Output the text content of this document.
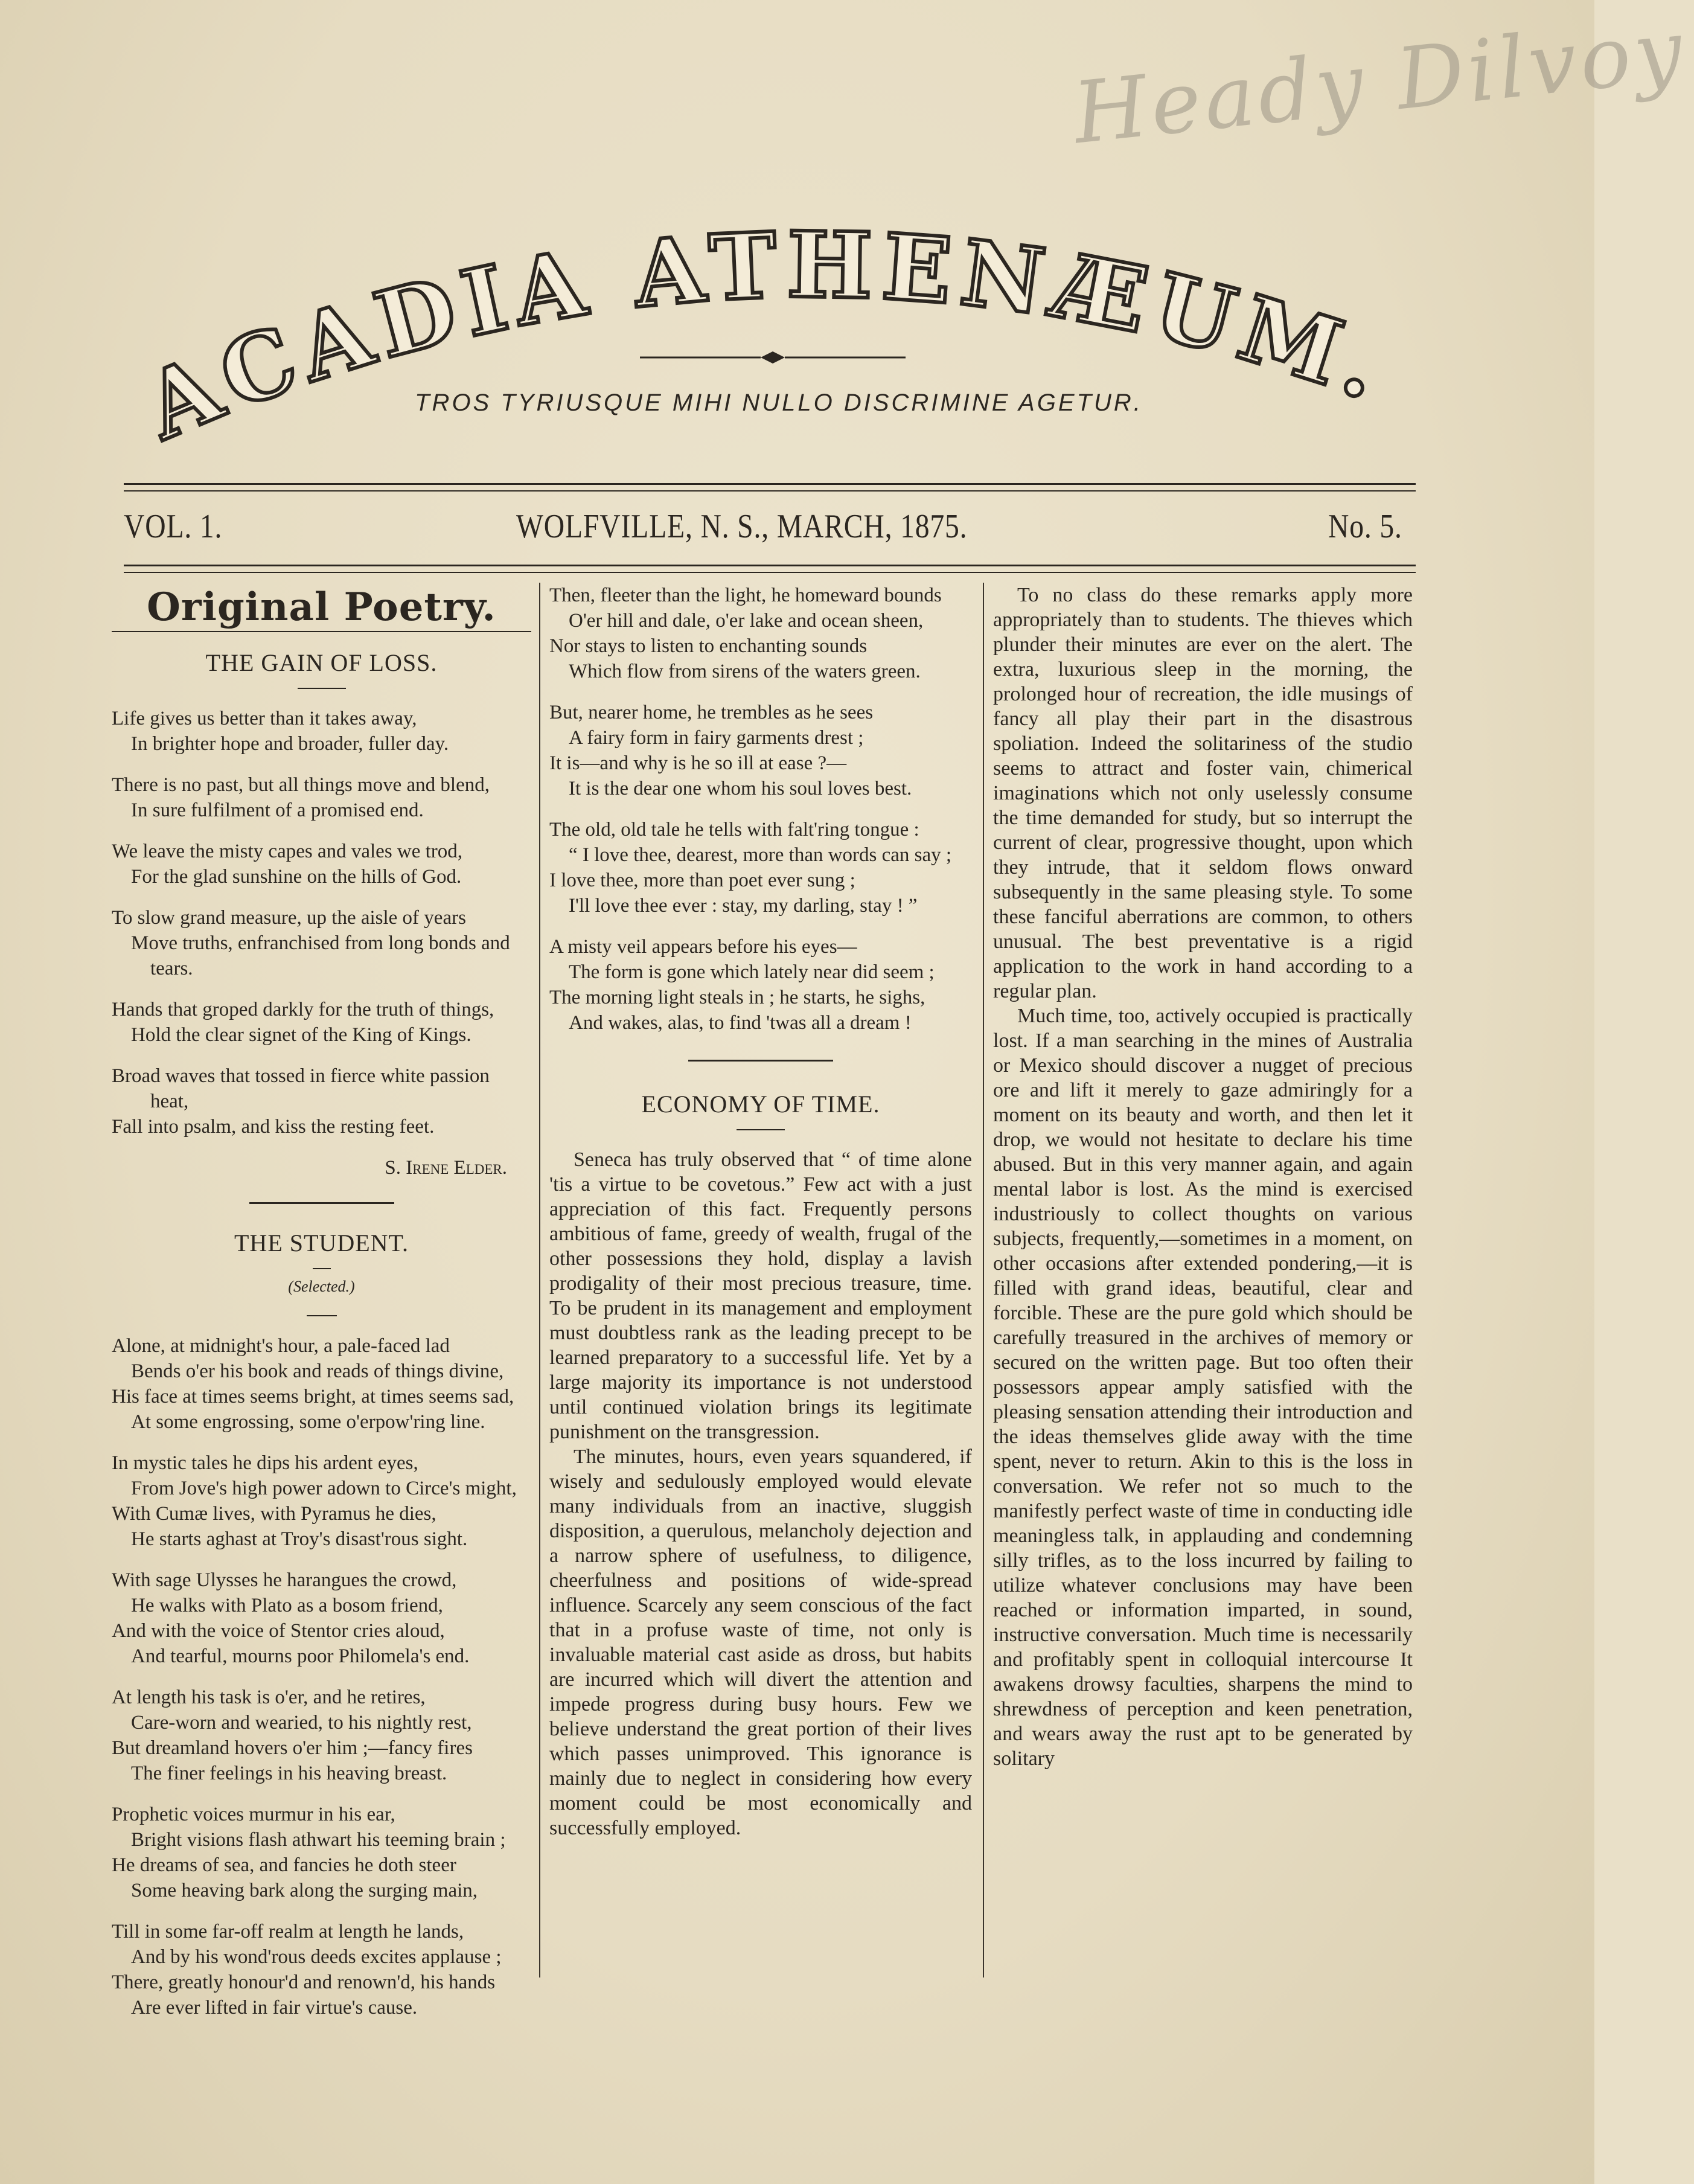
Heady Dilvoy
ACADIA ATHENÆUM.
TROS TYRIUSQUE MIHI NULLO DISCRIMINE AGETUR.
VOL. 1.	WOLFVILLE, N. S., MARCH, 1875.	No. 5.
Original Poetry.
THE GAIN OF LOSS.
Life gives us better than it takes away,
In brighter hope and broader, fuller day.
There is no past, but all things move and blend,
In sure fulfilment of a promised end.
We leave the misty capes and vales we trod,
For the glad sunshine on the hills of God.
To slow grand measure, up the aisle of years
Move truths, enfranchised from long bonds and
tears.
Hands that groped darkly for the truth of things,
Hold the clear signet of the King of Kings.
Broad waves that tossed in fierce white passion
heat,
Fall into psalm, and kiss the resting feet.
S. Irene Elder.
THE STUDENT.
(Selected.)
Alone, at midnight's hour, a pale-faced lad
Bends o'er his book and reads of things divine,
His face at times seems bright, at times seems sad,
At some engrossing, some o'erpow'ring line.
In mystic tales he dips his ardent eyes,
From Jove's high power adown to Circe's might,
With Cumæ lives, with Pyramus he dies,
He starts aghast at Troy's disast'rous sight.
With sage Ulysses he harangues the crowd,
He walks with Plato as a bosom friend,
And with the voice of Stentor cries aloud,
And tearful, mourns poor Philomela's end.
At length his task is o'er, and he retires,
Care-worn and wearied, to his nightly rest,
But dreamland hovers o'er him ;—fancy fires
The finer feelings in his heaving breast.
Prophetic voices murmur in his ear,
Bright visions flash athwart his teeming brain ;
He dreams of sea, and fancies he doth steer
Some heaving bark along the surging main,
Till in some far-off realm at length he lands,
And by his wond'rous deeds excites applause ;
There, greatly honour'd and renown'd, his hands
Are ever lifted in fair virtue's cause.
Then, fleeter than the light, he homeward bounds
O'er hill and dale, o'er lake and ocean sheen,
Nor stays to listen to enchanting sounds
Which flow from sirens of the waters green.
But, nearer home, he trembles as he sees
A fairy form in fairy garments drest ;
It is—and why is he so ill at ease ?—
It is the dear one whom his soul loves best.
The old, old tale he tells with falt'ring tongue :
“ I love thee, dearest, more than words can say ;
I love thee, more than poet ever sung ;
I'll love thee ever : stay, my darling, stay ! ”
A misty veil appears before his eyes—
The form is gone which lately near did seem ;
The morning light steals in ; he starts, he sighs,
And wakes, alas, to find 'twas all a dream !
ECONOMY OF TIME.

Seneca has truly observed that “ of time alone 'tis a virtue to be covetous.” Few act with a just appreciation of this fact. Frequently persons ambitious of fame, greedy of wealth, frugal of the other possessions they hold, display a lavish prodigality of their most precious treasure, time. To be prudent in its management and employment must doubtless rank as the leading precept to be learned preparatory to a successful life. Yet by a large majority its importance is not understood until continued violation brings its legitimate punishment on the transgression.

The minutes, hours, even years squandered, if wisely and sedulously employed would elevate many individuals from an inactive, sluggish disposition, a querulous, melancholy dejection and a narrow sphere of usefulness, to diligence, cheerfulness and positions of wide-spread influence. Scarcely any seem conscious of the fact that in a profuse waste of time, not only is invaluable material cast aside as dross, but habits are incurred which will divert the attention and impede progress during busy hours. Few we believe understand the great portion of their lives which passes unimproved. This ignorance is mainly due to neglect in considering how every moment could be most economically and successfully employed.

To no class do these remarks apply more appropriately than to students. The thieves which plunder their minutes are ever on the alert. The extra, luxurious sleep in the morning, the prolonged hour of recreation, the idle musings of fancy all play their part in the disastrous spoliation. Indeed the solitariness of the studio seems to attract and foster vain, chimerical imaginations which not only uselessly consume the time demanded for study, but so interrupt the current of clear, progressive thought, upon which they intrude, that it seldom flows onward subsequently in the same pleasing style. To some these fanciful aberrations are common, to others unusual. The best preventative is a rigid application to the work in hand according to a regular plan.

Much time, too, actively occupied is practically lost. If a man searching in the mines of Australia or Mexico should discover a nugget of precious ore and lift it merely to gaze admiringly for a moment on its beauty and worth, and then let it drop, we would not hesitate to declare his time abused. But in this very manner again, and again mental labor is lost. As the mind is exercised industriously to collect thoughts on various subjects, frequently,—sometimes in a moment, on other occasions after extended pondering,—it is filled with grand ideas, beautiful, clear and forcible. These are the pure gold which should be carefully treasured in the archives of memory or secured on the written page. But too often their possessors appear amply satisfied with the pleasing sensation attending their introduction and the ideas themselves glide away with the time spent, never to return. Akin to this is the loss in conversation. We refer not so much to the manifestly perfect waste of time in conducting idle meaningless talk, in applauding and condemning silly trifles, as to the loss incurred by failing to utilize whatever conclusions may have been reached or information imparted, in sound, instructive conversation. Much time is necessarily and profitably spent in colloquial intercourse It awakens drowsy faculties, sharpens the mind to shrewdness of perception and keen penetration, and wears away the rust apt to be generated by solitary
